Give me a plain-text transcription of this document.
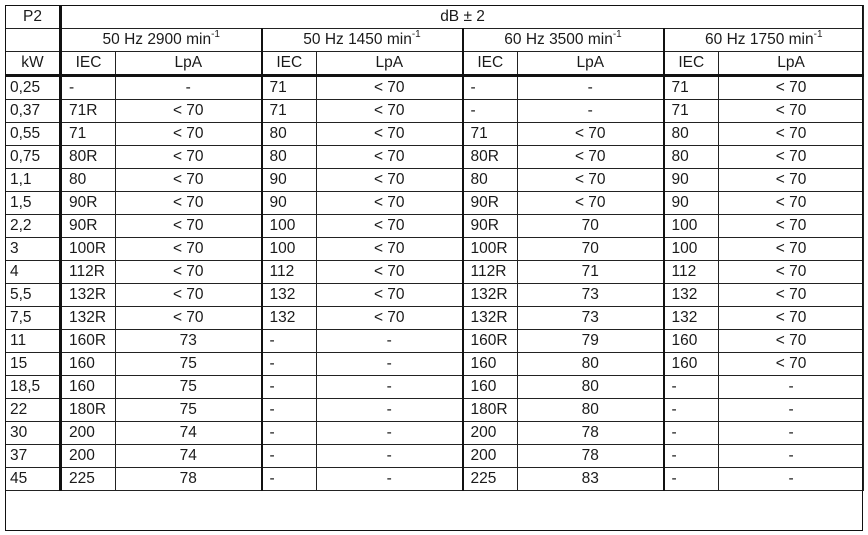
P2	dB ± 2							
	50 Hz 2900 $\min^{-1}$		50 Hz 1450 $\min^{-1}$		60 Hz 3500 $\min^{-1}$		60 Hz 1750 $\min^{-1}$
kW	IEC	LpA	IEC	LpA	IEC	LpA	IEC	LpA
0,25	-	-	71	< 70	-	-	71	< 70
0,37	71R	< 70	71	< 70	-	-	71	< 70
0,55	71	< 70	80	< 70	71	< 70	80	< 70
0,75	80R	< 70	80	< 70	80R	< 70	80	< 70
1,1	80	< 70	90	< 70	80	< 70	90	< 70
1,5	90R	< 70	90	< 70	90R	< 70	90	< 70
2,2	90R	< 70	100	< 70	90R	70	100	< 70
3	100R	< 70	100	< 70	100R	70	100	< 70
4	112R	< 70	112	< 70	112R	71	112	< 70
5,5	132R	< 70	132	< 70	132R	73	132	< 70
7,5	132R	< 70	132	< 70	132R	73	132	< 70
11	160R	73	-	-	160R	79	160	< 70
15	160	75	-	-	160	80	160	< 70
18,5	160	75	-	-	160	80	-	-
22	180R	75	-	-	180R	80	-	-
30	200	74	-	-	200	78	-	-
37	200	74	-	-	200	78	-	-
45	225	78	-	-	225	83	-	-
